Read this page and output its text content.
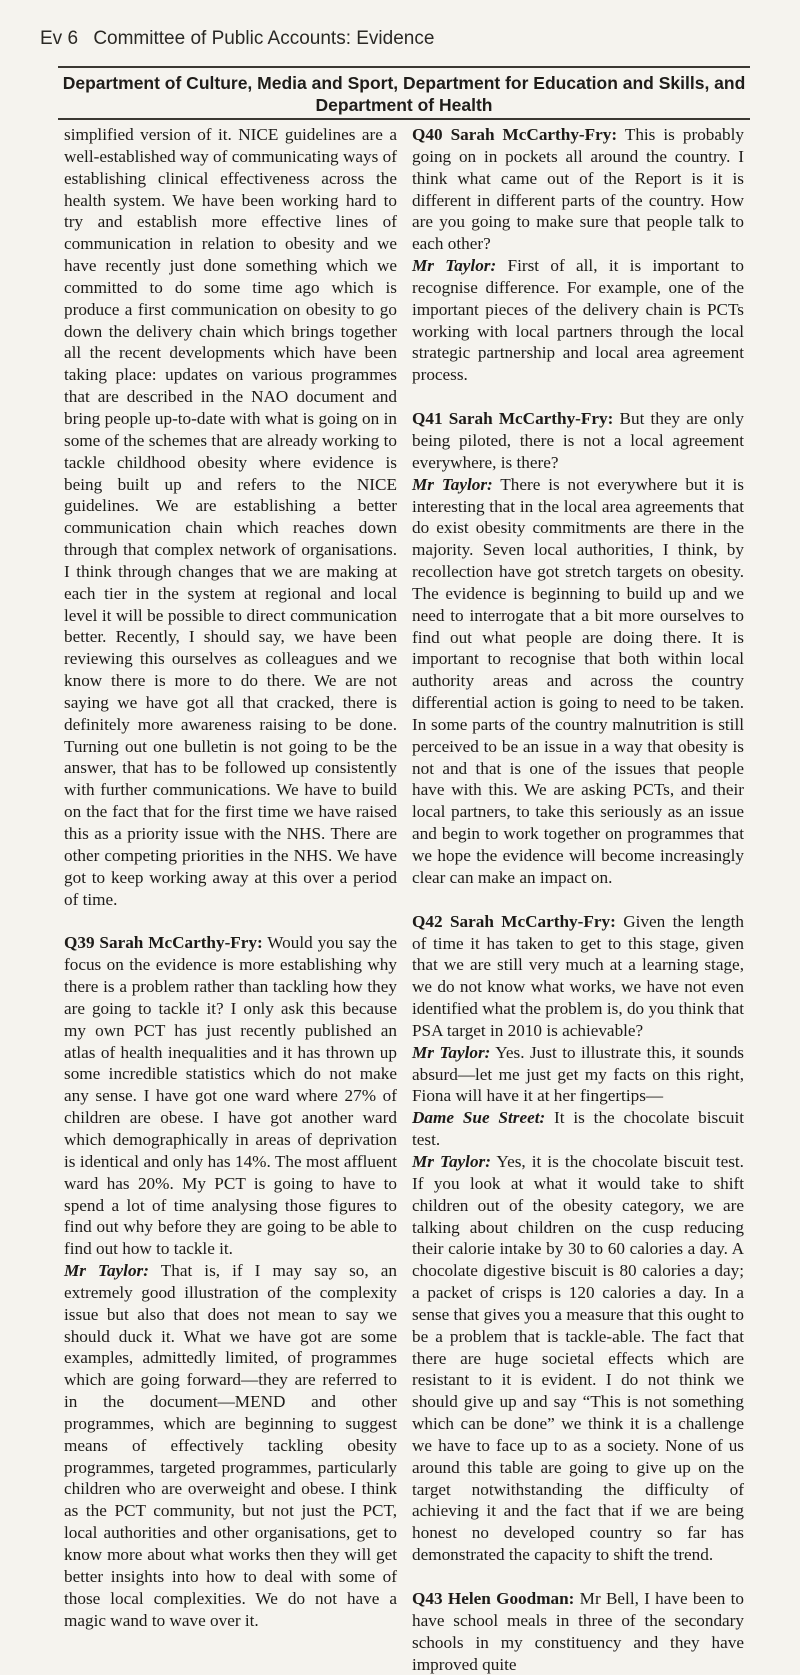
Ev 6 Committee of Public Accounts: Evidence
Department of Culture, Media and Sport, Department for Education and Skills, and Department of Health

simplified version of it. NICE guidelines are a well-established way of communicating ways of establishing clinical effectiveness across the health system. We have been working hard to try and establish more effective lines of communication in relation to obesity and we have recently just done something which we committed to do some time ago which is produce a first communication on obesity to go down the delivery chain which brings together all the recent developments which have been taking place: updates on various programmes that are described in the NAO document and bring people up-to-date with what is going on in some of the schemes that are already working to tackle childhood obesity where evidence is being built up and refers to the NICE guidelines. We are establishing a better communication chain which reaches down through that complex network of organisations. I think through changes that we are making at each tier in the system at regional and local level it will be possible to direct communication better. Recently, I should say, we have been reviewing this ourselves as colleagues and we know there is more to do there. We are not saying we have got all that cracked, there is definitely more awareness raising to be done. Turning out one bulletin is not going to be the answer, that has to be followed up consistently with further communications. We have to build on the fact that for the first time we have raised this as a priority issue with the NHS. There are other competing priorities in the NHS. We have got to keep working away at this over a period of time.

Q39 Sarah McCarthy-Fry: Would you say the focus on the evidence is more establishing why there is a problem rather than tackling how they are going to tackle it? I only ask this because my own PCT has just recently published an atlas of health inequalities and it has thrown up some incredible statistics which do not make any sense. I have got one ward where 27% of children are obese. I have got another ward which demographically in areas of deprivation is identical and only has 14%. The most affluent ward has 20%. My PCT is going to have to spend a lot of time analysing those figures to find out why before they are going to be able to find out how to tackle it.

Mr Taylor: That is, if I may say so, an extremely good illustration of the complexity issue but also that does not mean to say we should duck it. What we have got are some examples, admittedly limited, of programmes which are going forward—they are referred to in the document—MEND and other programmes, which are beginning to suggest means of effectively tackling obesity programmes, targeted programmes, particularly children who are overweight and obese. I think as the PCT community, but not just the PCT, local authorities and other organisations, get to know more about what works then they will get better insights into how to deal with some of those local complexities. We do not have a magic wand to wave over it.

Q40 Sarah McCarthy-Fry: This is probably going on in pockets all around the country. I think what came out of the Report is it is different in different parts of the country. How are you going to make sure that people talk to each other?

Mr Taylor: First of all, it is important to recognise difference. For example, one of the important pieces of the delivery chain is PCTs working with local partners through the local strategic partnership and local area agreement process.

Q41 Sarah McCarthy-Fry: But they are only being piloted, there is not a local agreement everywhere, is there?

Mr Taylor: There is not everywhere but it is interesting that in the local area agreements that do exist obesity commitments are there in the majority. Seven local authorities, I think, by recollection have got stretch targets on obesity. The evidence is beginning to build up and we need to interrogate that a bit more ourselves to find out what people are doing there. It is important to recognise that both within local authority areas and across the country differential action is going to need to be taken. In some parts of the country malnutrition is still perceived to be an issue in a way that obesity is not and that is one of the issues that people have with this. We are asking PCTs, and their local partners, to take this seriously as an issue and begin to work together on programmes that we hope the evidence will become increasingly clear can make an impact on.

Q42 Sarah McCarthy-Fry: Given the length of time it has taken to get to this stage, given that we are still very much at a learning stage, we do not know what works, we have not even identified what the problem is, do you think that PSA target in 2010 is achievable?

Mr Taylor: Yes. Just to illustrate this, it sounds absurd—let me just get my facts on this right, Fiona will have it at her fingertips—

Dame Sue Street: It is the chocolate biscuit test.

Mr Taylor: Yes, it is the chocolate biscuit test. If you look at what it would take to shift children out of the obesity category, we are talking about children on the cusp reducing their calorie intake by 30 to 60 calories a day. A chocolate digestive biscuit is 80 calories a day; a packet of crisps is 120 calories a day. In a sense that gives you a measure that this ought to be a problem that is tackle-able. The fact that there are huge societal effects which are resistant to it is evident. I do not think we should give up and say “This is not something which can be done” we think it is a challenge we have to face up to as a society. None of us around this table are going to give up on the target notwithstanding the difficulty of achieving it and the fact that if we are being honest no developed country so far has demonstrated the capacity to shift the trend.

Q43 Helen Goodman: Mr Bell, I have been to have school meals in three of the secondary schools in my constituency and they have improved quite
